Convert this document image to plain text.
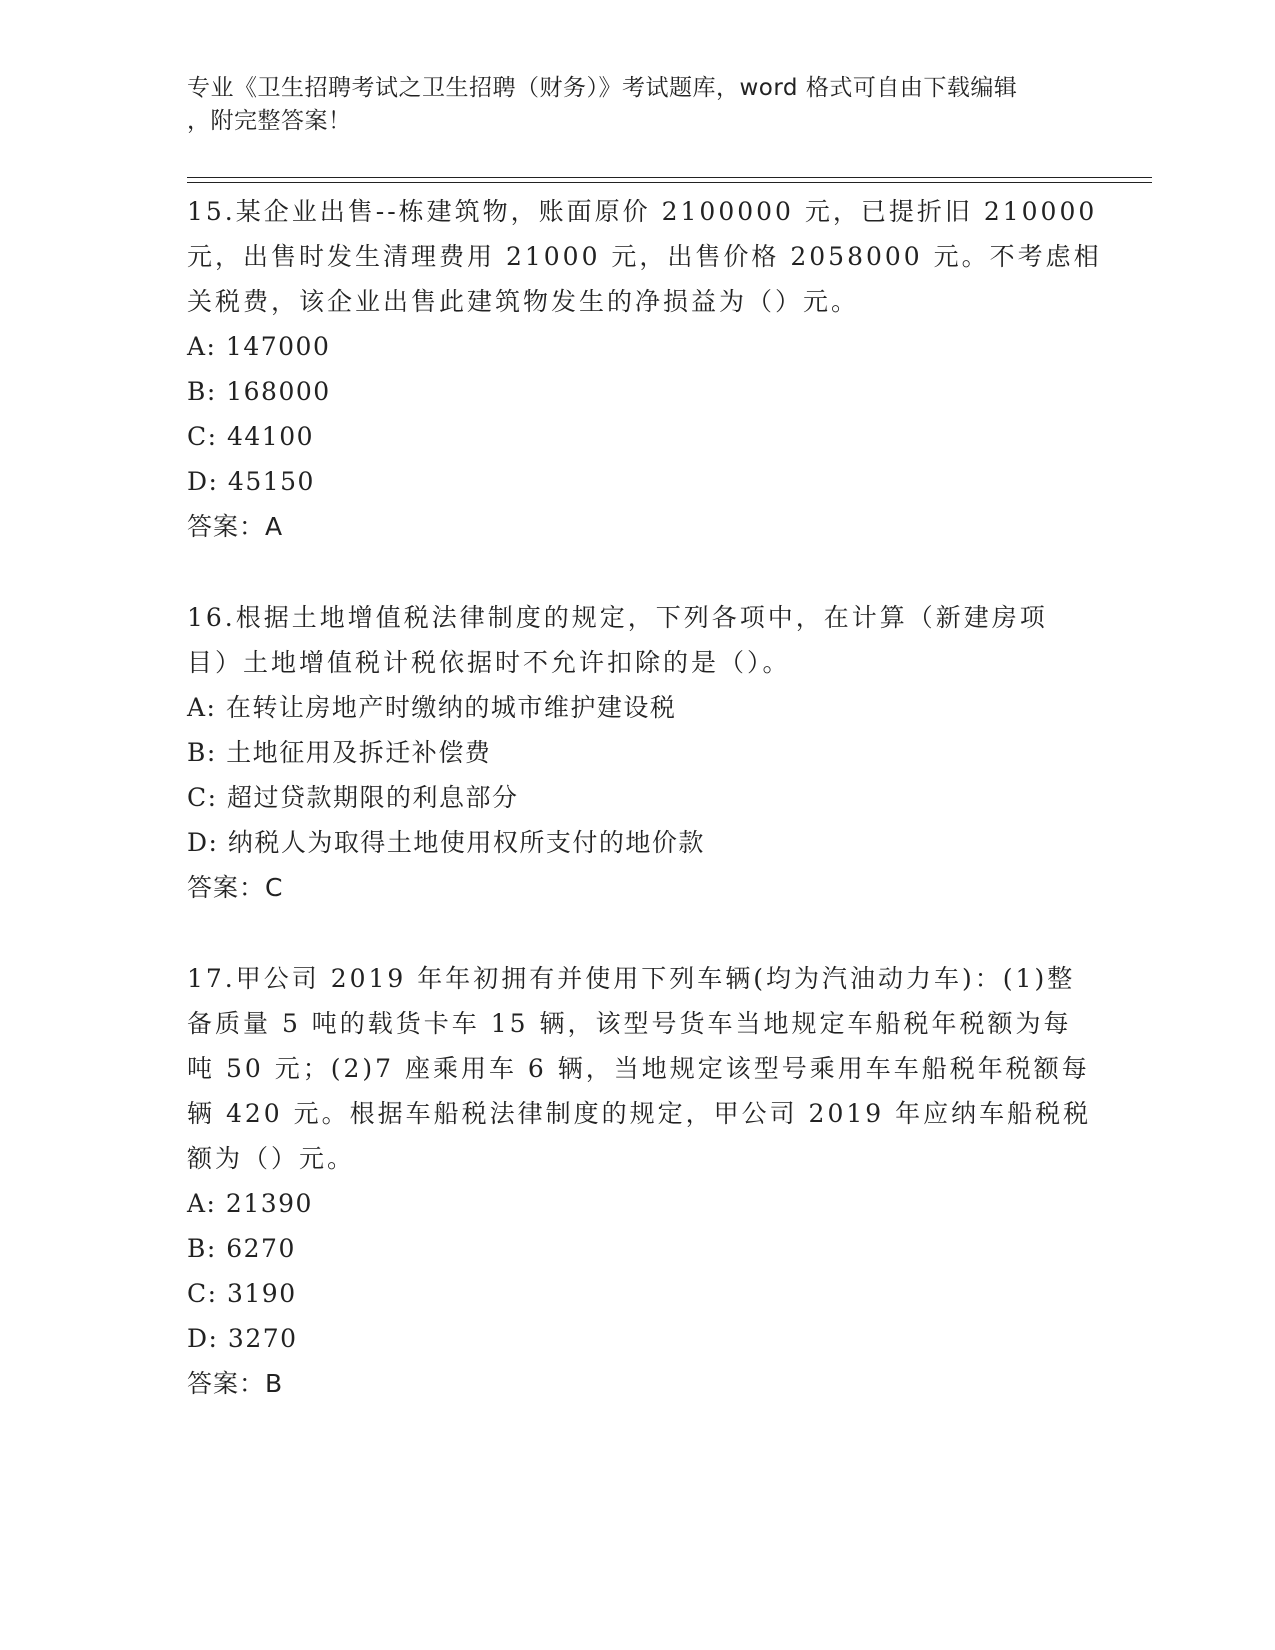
专业《卫生招聘考试之卫生招聘（财务）》考试题库，word 格式可自由下载编辑
，附完整答案！
15.某企业出售--栋建筑物，账面原价 2100000 元，已提折旧 210000
元，出售时发生清理费用 21000 元，出售价格 2058000 元。不考虑相
关税费，该企业出售此建筑物发生的净损益为（）元。
A: 147000
B: 168000
C: 44100
D: 45150
答案：A
16.根据土地增值税法律制度的规定，下列各项中，在计算（新建房项
目）土地增值税计税依据时不允许扣除的是（）。
A: 在转让房地产时缴纳的城市维护建设税
B: 土地征用及拆迁补偿费
C: 超过贷款期限的利息部分
D: 纳税人为取得土地使用权所支付的地价款
答案：C
17.甲公司 2019 年年初拥有并使用下列车辆(均为汽油动力车)：(1)整
备质量 5 吨的载货卡车 15 辆，该型号货车当地规定车船税年税额为每
吨 50 元；(2)7 座乘用车 6 辆，当地规定该型号乘用车车船税年税额每
辆 420 元。根据车船税法律制度的规定，甲公司 2019 年应纳车船税税
额为（）元。
A: 21390
B: 6270
C: 3190
D: 3270
答案：B
